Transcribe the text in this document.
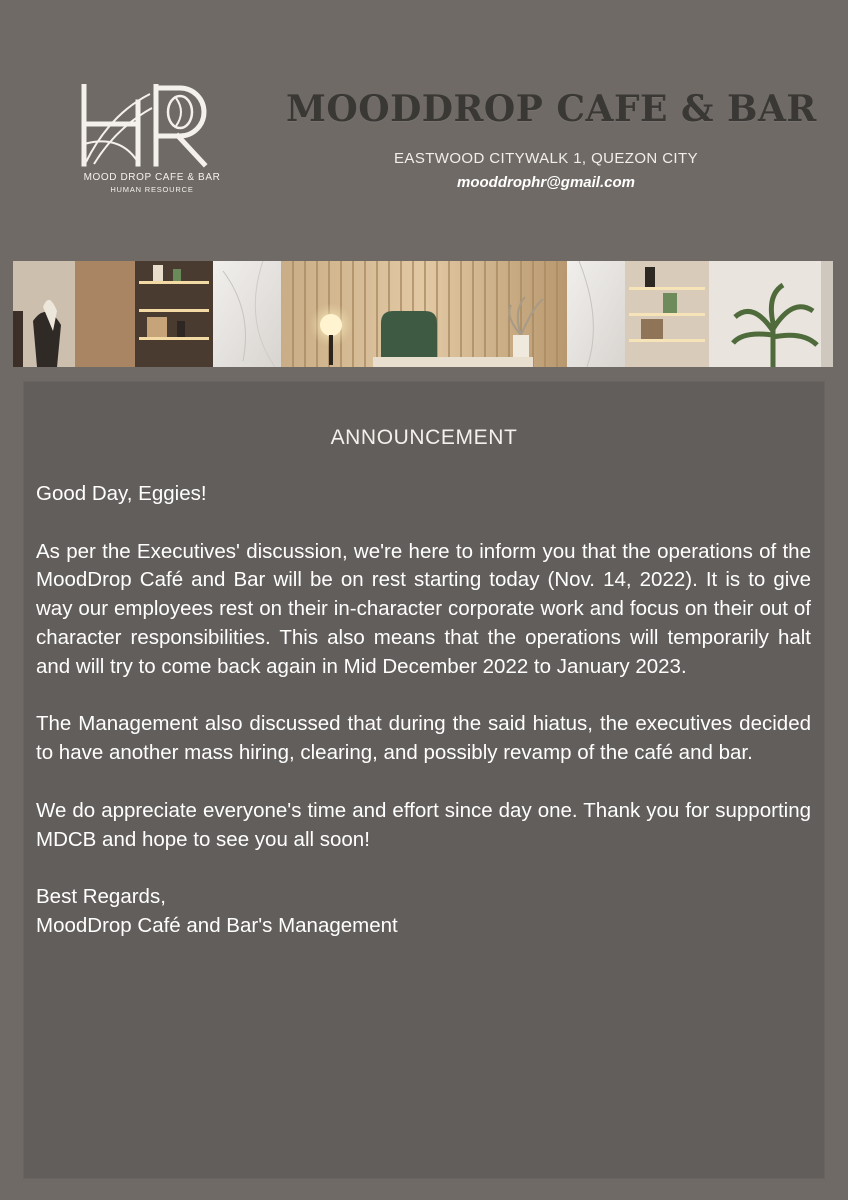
MOOD DROP CAFE & BAR
HUMAN RESOURCE
MOODDROP CAFE & BAR
EASTWOOD CITYWALK 1, QUEZON CITY
mooddrophr@gmail.com
ANNOUNCEMENT

Good Day, Eggies!

As per the Executives' discussion, we're here to inform you that the operations of the MoodDrop Café and Bar will be on rest starting today (Nov. 14, 2022). It is to give way our employees rest on their in-character corporate work and focus on their out of character responsibilities. This also means that the operations will temporarily halt and will try to come back again in Mid December 2022 to January 2023.

The Management also discussed that during the said hiatus, the executives decided to have another mass hiring, clearing, and possibly revamp of the café and bar.

We do appreciate everyone's time and effort since day one. Thank you for supporting MDCB and hope to see you all soon!

Best Regards,
MoodDrop Café and Bar's Management
